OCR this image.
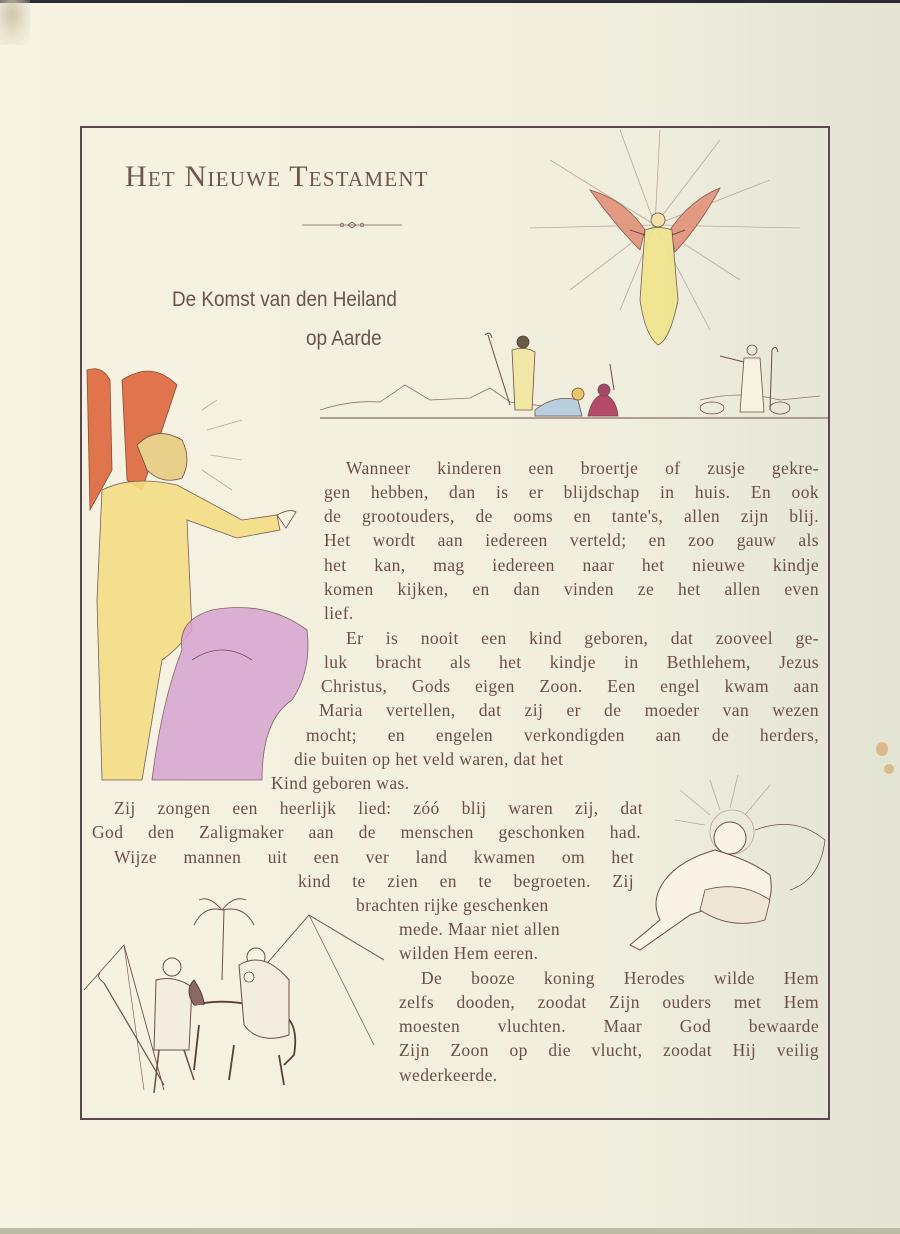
Het Nieuwe Testament
De Komst van den Heiland
op Aarde
Wanneer kinderen een broertje of zusje gekre-
gen hebben, dan is er blijdschap in huis. En ook
de grootouders, de ooms en tante's, allen zijn blij.
Het wordt aan iedereen verteld; en zoo gauw als
het kan, mag iedereen naar het nieuwe kindje
komen kijken, en dan vinden ze het allen even
lief.
Er is nooit een kind geboren, dat zooveel ge-
luk bracht als het kindje in Bethlehem, Jezus
Christus, Gods eigen Zoon. Een engel kwam aan
Maria vertellen, dat zij er de moeder van wezen
mocht; en engelen verkondigden aan de herders,
die buiten op het veld waren, dat het
Kind geboren was.
Zij zongen een heerlijk lied: zóó blij waren zij, dat
God den Zaligmaker aan de menschen geschonken had.
Wijze mannen uit een ver land kwamen om het
kind te zien en te begroeten. Zij
brachten rijke geschenken
mede. Maar niet allen
wilden Hem eeren.
De booze koning Herodes wilde Hem
zelfs dooden, zoodat Zijn ouders met Hem
moesten vluchten. Maar God bewaarde
Zijn Zoon op die vlucht, zoodat Hij veilig
wederkeerde.
